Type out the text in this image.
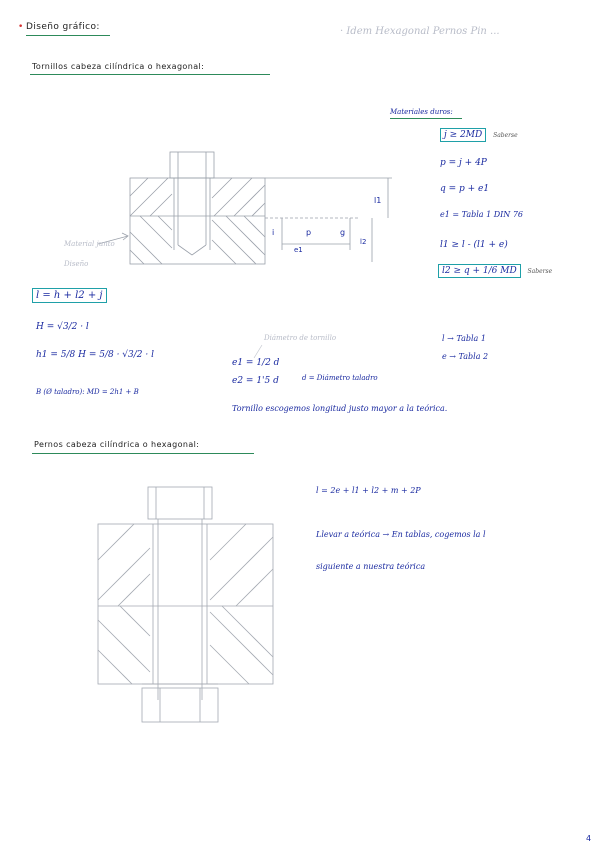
• Diseño gráfico:	· Idem Hexagonal Pernos Pin ...
Tornillos cabeza cilíndrica o hexagonal:
Material junto
Diseño
l1
i	p	g
e1
l2
Materiales duros:
j ≥ 2MD Saberse
p = j + 4P
q = p + e1
e1 = Tabla 1 DIN 76
l1 ≥ l - (l1 + e)
l2 ≥ q + 1/6 MD Saberse
l = h + l2 + j
H = √3/2 · l
h1 = 5/8 H = 5/8 · √3/2 · l
B (Ø taladro): MD = 2h1 + B
Diámetro de tornillo
e1 = 1/2 d
e2 = 1'5 d	d = Diámetro taladro
l → Tabla 1
e → Tabla 2
Tornillo escogemos longitud justo mayor a la teórica.
Pernos cabeza cilíndrica o hexagonal:
l = 2e + l1 + l2 + m + 2P
Llevar a teórica → En tablas, cogemos la l
siguiente a nuestra teórica
4
